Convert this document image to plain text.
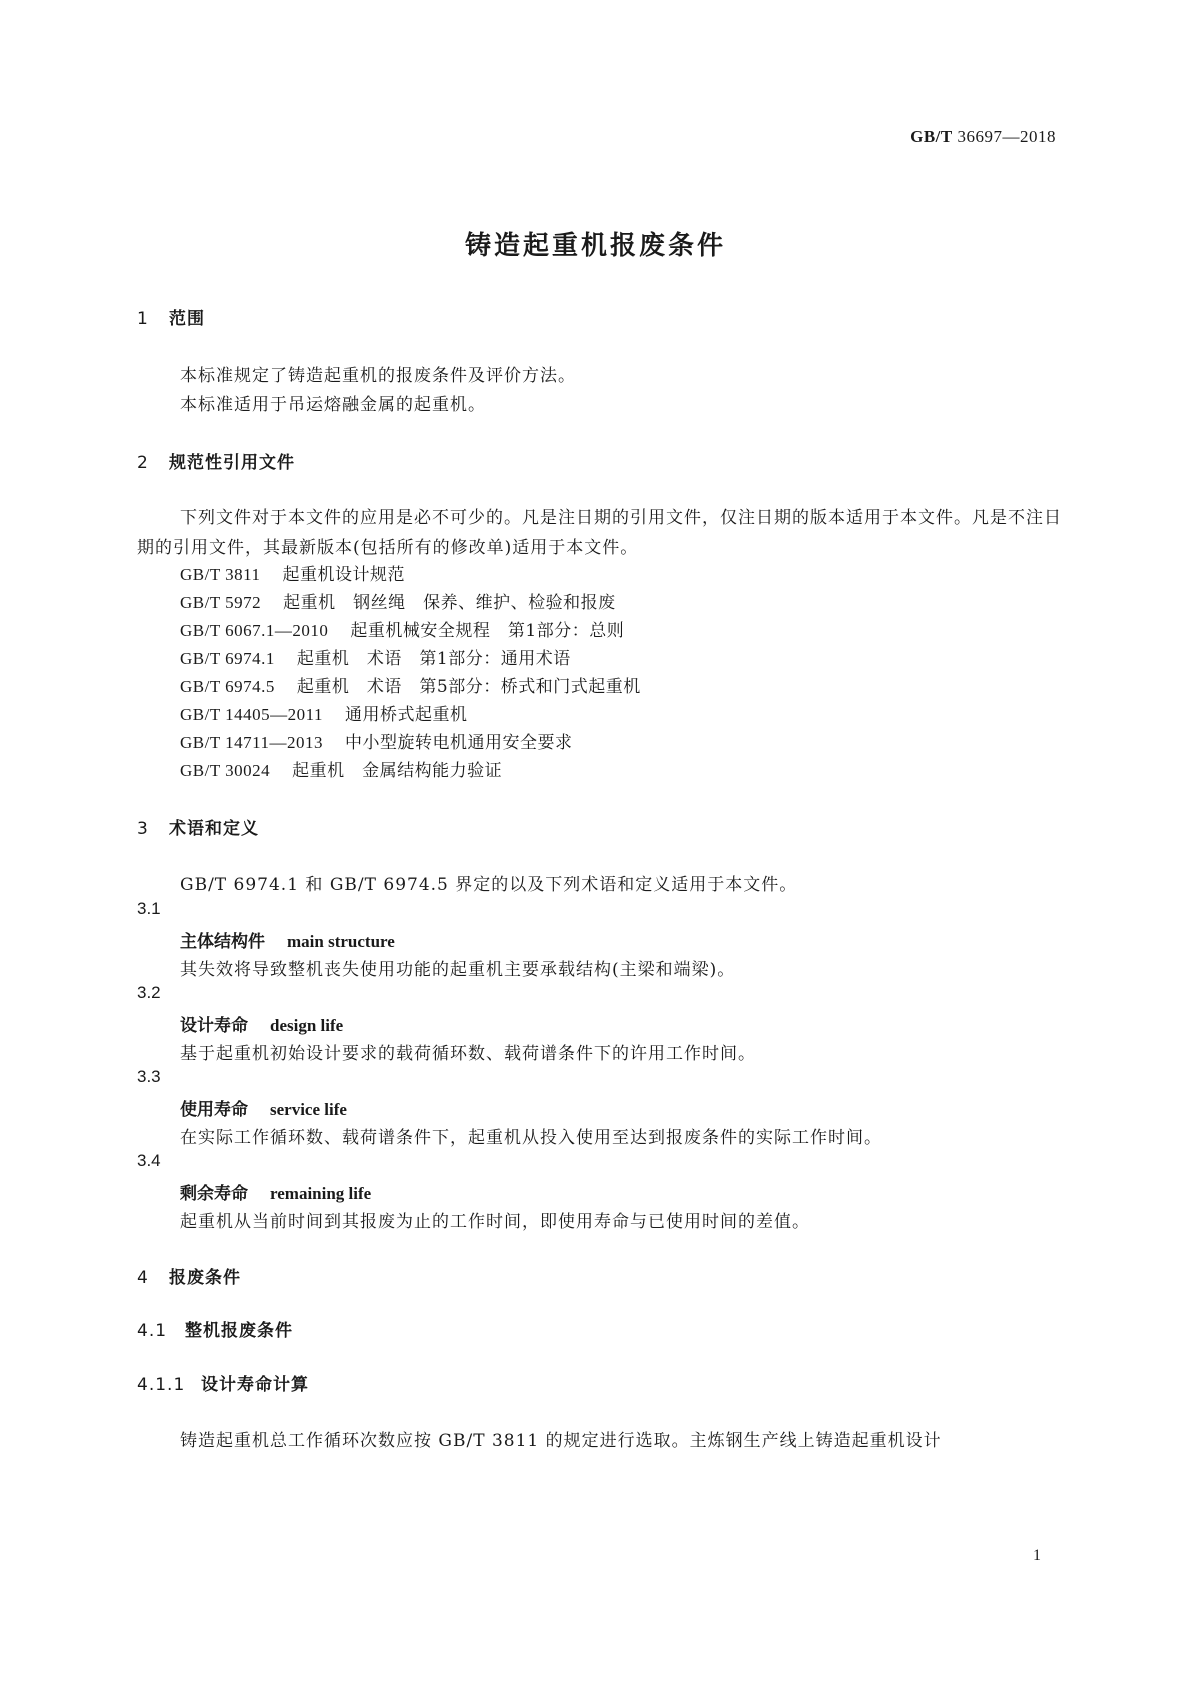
GB/T 36697—2018
铸造起重机报废条件
1 范围
本标准规定了铸造起重机的报废条件及评价方法。
本标准适用于吊运熔融金属的起重机。
2 规范性引用文件
下列文件对于本文件的应用是必不可少的。凡是注日期的引用文件，仅注日期的版本适用于本文件。凡是不注日期的引用文件，其最新版本(包括所有的修改单)适用于本文件。
GB/T 3811 起重机设计规范
GB/T 5972 起重机　钢丝绳　保养、维护、检验和报废
GB/T 6067.1—2010 起重机械安全规程　第1部分：总则
GB/T 6974.1 起重机　术语　第1部分：通用术语
GB/T 6974.5 起重机　术语　第5部分：桥式和门式起重机
GB/T 14405—2011 通用桥式起重机
GB/T 14711—2013 中小型旋转电机通用安全要求
GB/T 30024 起重机　金属结构能力验证
3 术语和定义
GB/T 6974.1 和 GB/T 6974.5 界定的以及下列术语和定义适用于本文件。
3.1
主体结构件 main structure
其失效将导致整机丧失使用功能的起重机主要承载结构(主梁和端梁)。
3.2
设计寿命 design life
基于起重机初始设计要求的载荷循环数、载荷谱条件下的许用工作时间。
3.3
使用寿命 service life
在实际工作循环数、载荷谱条件下，起重机从投入使用至达到报废条件的实际工作时间。
3.4
剩余寿命 remaining life
起重机从当前时间到其报废为止的工作时间，即使用寿命与已使用时间的差值。
4 报废条件
4.1 整机报废条件
4.1.1 设计寿命计算
铸造起重机总工作循环次数应按 GB/T 3811 的规定进行选取。主炼钢生产线上铸造起重机设计
1
